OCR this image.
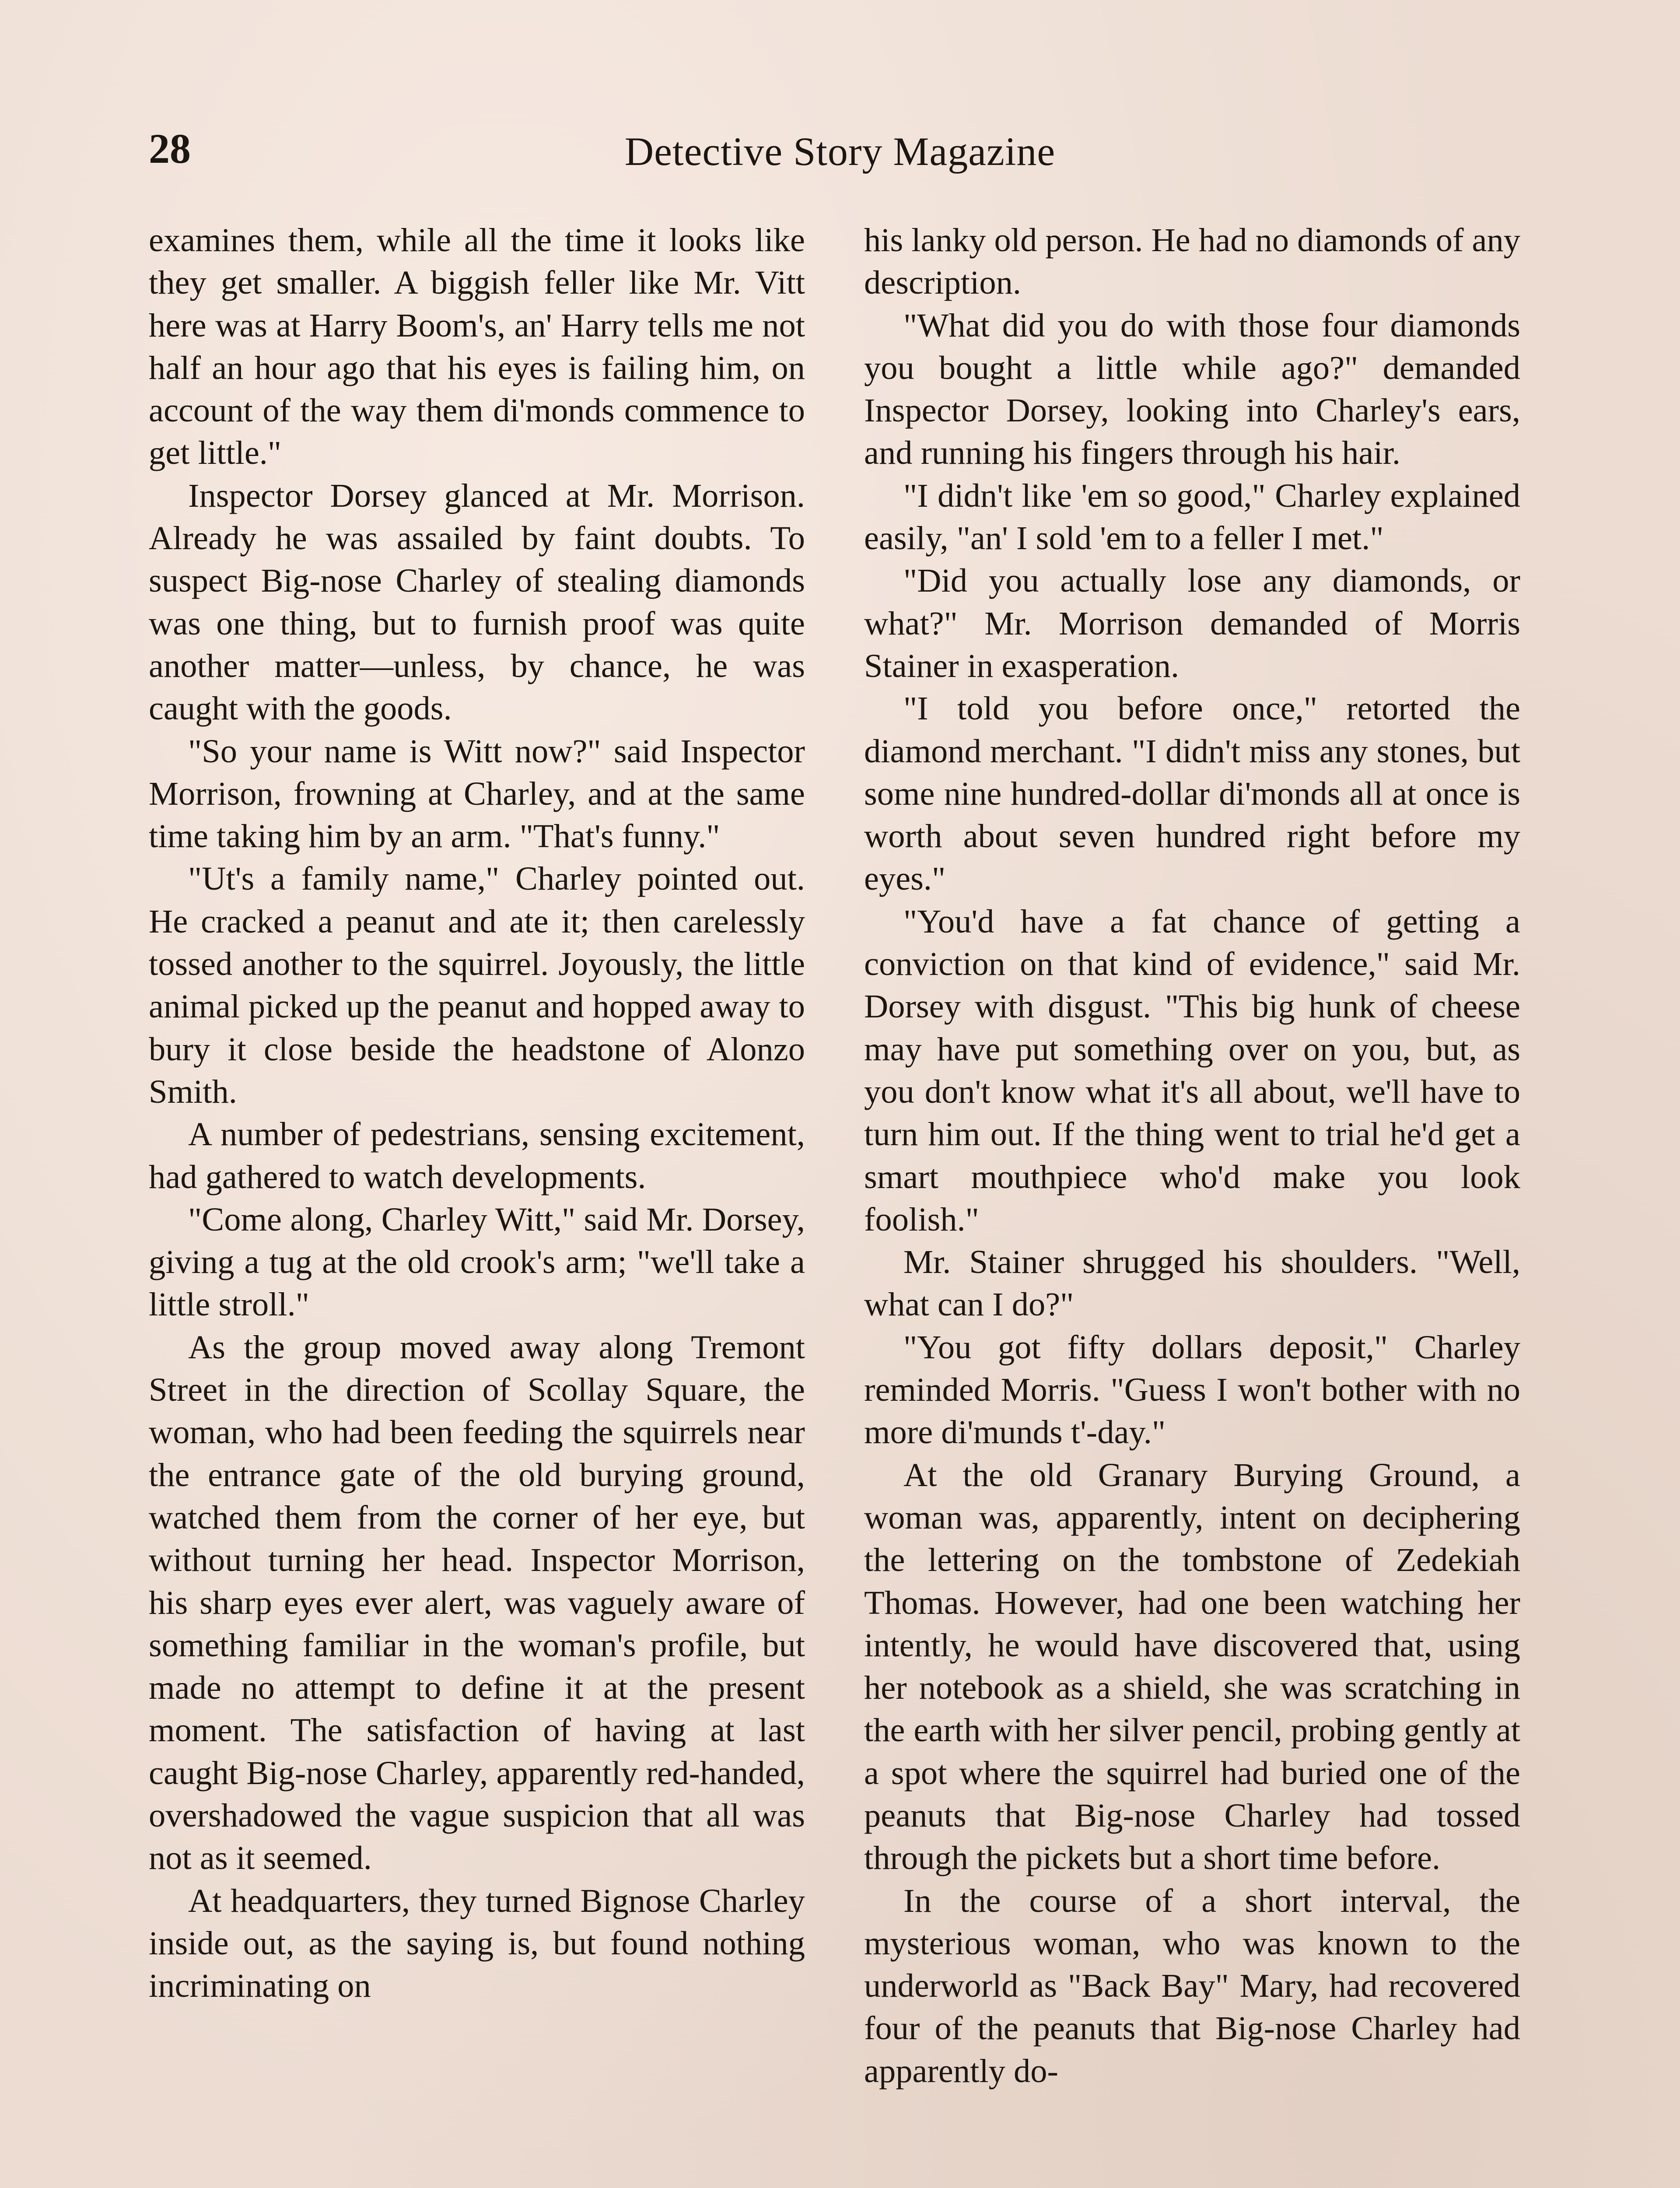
28	Detective Story Magazine

examines them, while all the time it looks like they get smaller. A biggish feller like Mr. Vitt here was at Harry Boom's, an' Harry tells me not half an hour ago that his eyes is failing him, on account of the way them di'monds commence to get little."

Inspector Dorsey glanced at Mr. Morrison. Already he was assailed by faint doubts. To suspect Big-nose Charley of stealing diamonds was one thing, but to furnish proof was quite another matter—unless, by chance, he was caught with the goods.

"So your name is Witt now?" said Inspector Morrison, frowning at Charley, and at the same time taking him by an arm. "That's funny."

"Ut's a family name," Charley pointed out. He cracked a peanut and ate it; then carelessly tossed another to the squirrel. Joyously, the little animal picked up the peanut and hopped away to bury it close beside the headstone of Alonzo Smith.

A number of pedestrians, sensing excitement, had gathered to watch developments.

"Come along, Charley Witt," said Mr. Dorsey, giving a tug at the old crook's arm; "we'll take a little stroll."

As the group moved away along Tremont Street in the direction of Scollay Square, the woman, who had been feeding the squirrels near the entrance gate of the old burying ground, watched them from the corner of her eye, but without turning her head. Inspector Morrison, his sharp eyes ever alert, was vaguely aware of something familiar in the woman's profile, but made no attempt to define it at the present moment. The satisfaction of having at last caught Big-nose Charley, apparently red-handed, overshadowed the vague suspicion that all was not as it seemed.

At headquarters, they turned Bignose Charley inside out, as the saying is, but found nothing incriminating on

his lanky old person. He had no diamonds of any description.

"What did you do with those four diamonds you bought a little while ago?" demanded Inspector Dorsey, looking into Charley's ears, and running his fingers through his hair.

"I didn't like 'em so good," Charley explained easily, "an' I sold 'em to a feller I met."

"Did you actually lose any diamonds, or what?" Mr. Morrison demanded of Morris Stainer in exasperation.

"I told you before once," retorted the diamond merchant. "I didn't miss any stones, but some nine hundred-dollar di'monds all at once is worth about seven hundred right before my eyes."

"You'd have a fat chance of getting a conviction on that kind of evidence," said Mr. Dorsey with disgust. "This big hunk of cheese may have put something over on you, but, as you don't know what it's all about, we'll have to turn him out. If the thing went to trial he'd get a smart mouthpiece who'd make you look foolish."

Mr. Stainer shrugged his shoulders. "Well, what can I do?"

"You got fifty dollars deposit," Charley reminded Morris. "Guess I won't bother with no more di'munds t'-day."

At the old Granary Burying Ground, a woman was, apparently, intent on deciphering the lettering on the tombstone of Zedekiah Thomas. However, had one been watching her intently, he would have discovered that, using her notebook as a shield, she was scratching in the earth with her silver pencil, probing gently at a spot where the squirrel had buried one of the peanuts that Big-nose Charley had tossed through the pickets but a short time before.

In the course of a short interval, the mysterious woman, who was known to the underworld as "Back Bay" Mary, had recovered four of the peanuts that Big-nose Charley had apparently do-
